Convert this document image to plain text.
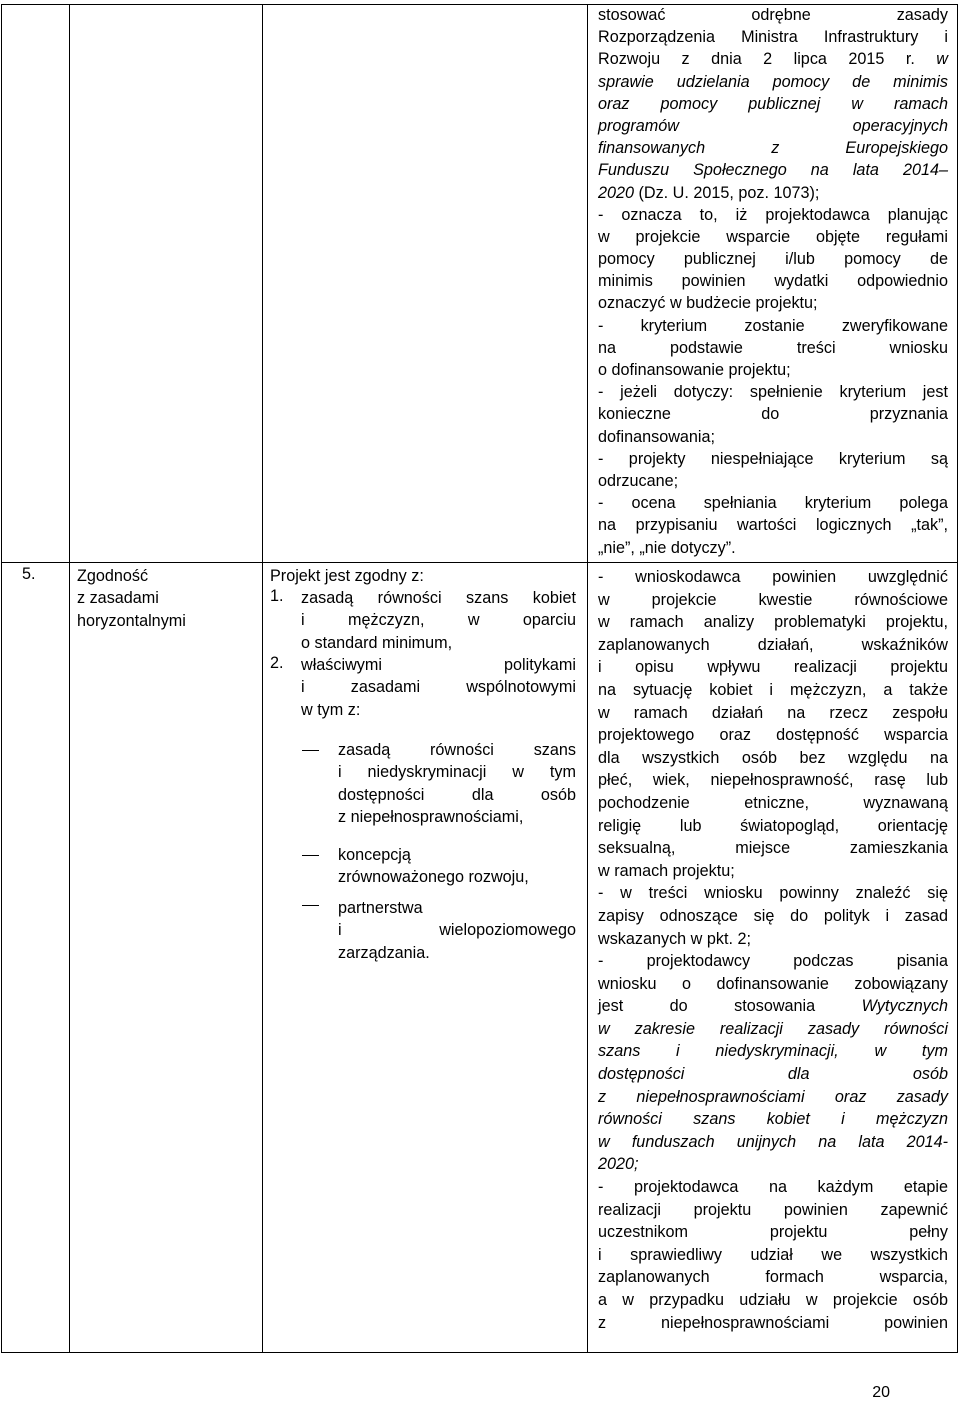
stosować odrębne zasady
Rozporządzenia Ministra Infrastruktury i
Rozwoju z dnia 2 lipca 2015 r. w
sprawie udzielania pomocy de minimis
oraz pomocy publicznej w ramach
programów operacyjnych
finansowanych z Europejskiego
Funduszu Społecznego na lata 2014–
2020 (Dz. U. 2015, poz. 1073);
- oznacza to, iż projektodawca planując
w projekcie wsparcie objęte regułami
pomocy publicznej i/lub pomocy de
minimis powinien wydatki odpowiednio
oznaczyć w budżecie projektu;
- kryterium zostanie zweryfikowane
na podstawie treści wniosku
o dofinansowanie projektu;
- jeżeli dotyczy: spełnienie kryterium jest
konieczne do przyznania
dofinansowania;
- projekty niespełniające kryterium są
odrzucane;
- ocena spełniania kryterium polega
na przypisaniu wartości logicznych „tak”,
„nie”, „nie dotyczy”.
5.	Zgodność
z zasadami
horyzontalnymi
Projekt jest zgodny z:
1. zasadą równości szans kobiet
i mężczyzn, w oparciu
o standard minimum,
2. właściwymi politykami
i zasadami wspólnotowymi
w tym z:
zasadą równości szans
i niedyskryminacji w tym
dostępności dla osób
z niepełnosprawnościami,
koncepcją
zrównoważonego rozwoju,
partnerstwa
i wielopoziomowego
zarządzania.
- wnioskodawca powinien uwzględnić
w projekcie kwestie równościowe
w ramach analizy problematyki projektu,
zaplanowanych działań, wskaźników
i opisu wpływu realizacji projektu
na sytuację kobiet i mężczyzn, a także
w ramach działań na rzecz zespołu
projektowego oraz dostępność wsparcia
dla wszystkich osób bez względu na
płeć, wiek, niepełnosprawność, rasę lub
pochodzenie etniczne, wyznawaną
religię lub światopogląd, orientację
seksualną, miejsce zamieszkania
w ramach projektu;
- w treści wniosku powinny znaleźć się
zapisy odnoszące się do polityk i zasad
wskazanych w pkt. 2;
- projektodawcy podczas pisania
wniosku o dofinansowanie zobowiązany
jest do stosowania Wytycznych
w zakresie realizacji zasady równości
szans i niedyskryminacji, w tym
dostępności dla osób
z niepełnosprawnościami oraz zasady
równości szans kobiet i mężczyzn
w funduszach unijnych na lata 2014-
2020;
- projektodawca na każdym etapie
realizacji projektu powinien zapewnić
uczestnikom projektu pełny
i sprawiedliwy udział we wszystkich
zaplanowanych formach wsparcia,
a w przypadku udziału w projekcie osób
z niepełnosprawnościami powinien
20
